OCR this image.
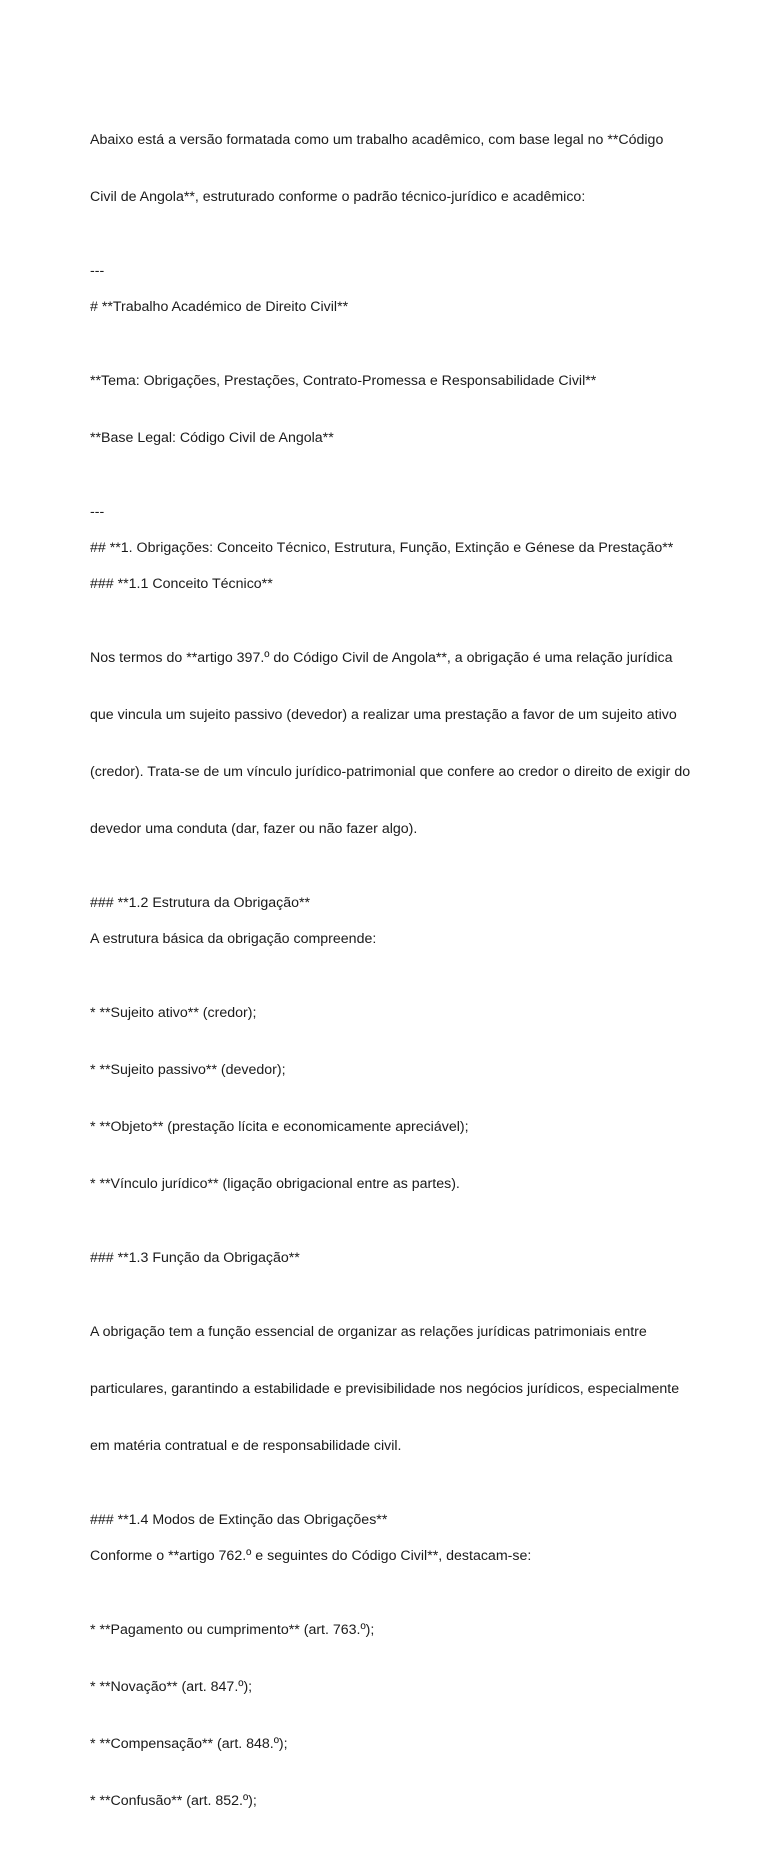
Abaixo está a versão formatada como um trabalho acadêmico, com base legal no **Código

Civil de Angola**, estruturado conforme o padrão técnico-jurídico e acadêmico:

---
# **Trabalho Académico de Direito Civil**

**Tema: Obrigações, Prestações, Contrato-Promessa e Responsabilidade Civil**

**Base Legal: Código Civil de Angola**

---
## **1. Obrigações: Conceito Técnico, Estrutura, Função, Extinção e Génese da Prestação**
### **1.1 Conceito Técnico**

Nos termos do **artigo 397.º do Código Civil de Angola**, a obrigação é uma relação jurídica

que vincula um sujeito passivo (devedor) a realizar uma prestação a favor de um sujeito ativo

(credor). Trata-se de um vínculo jurídico-patrimonial que confere ao credor o direito de exigir do

devedor uma conduta (dar, fazer ou não fazer algo).

### **1.2 Estrutura da Obrigação**
A estrutura básica da obrigação compreende:

* **Sujeito ativo** (credor);

* **Sujeito passivo** (devedor);

* **Objeto** (prestação lícita e economicamente apreciável);

* **Vínculo jurídico** (ligação obrigacional entre as partes).

### **1.3 Função da Obrigação**

A obrigação tem a função essencial de organizar as relações jurídicas patrimoniais entre

particulares, garantindo a estabilidade e previsibilidade nos negócios jurídicos, especialmente

em matéria contratual e de responsabilidade civil.

### **1.4 Modos de Extinção das Obrigações**
Conforme o **artigo 762.º e seguintes do Código Civil**, destacam-se:

* **Pagamento ou cumprimento** (art. 763.º);

* **Novação** (art. 847.º);

* **Compensação** (art. 848.º);

* **Confusão** (art. 852.º);
